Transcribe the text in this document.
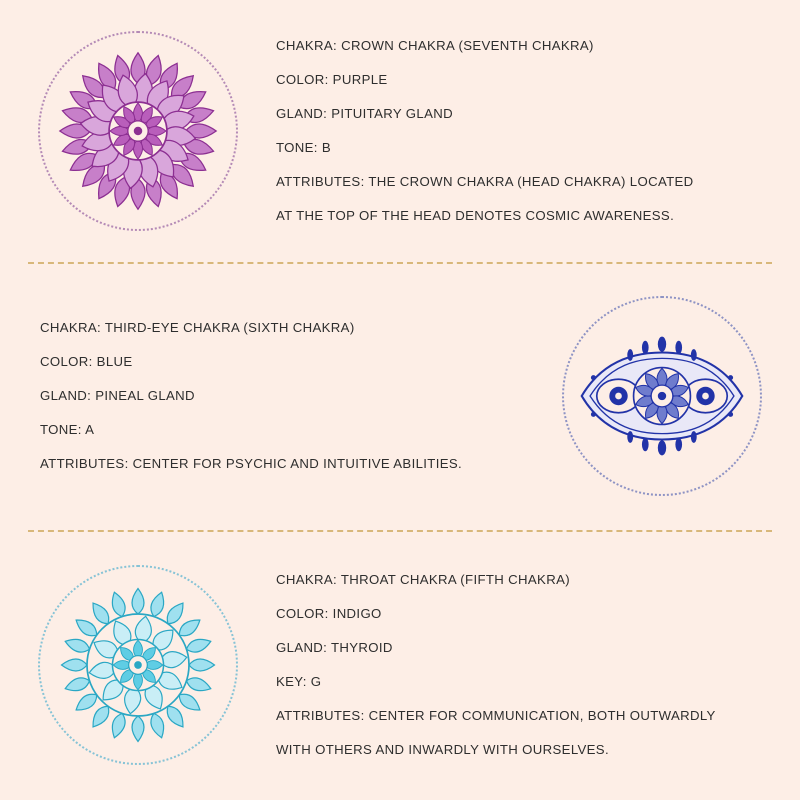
CHAKRA: CROWN CHAKRA (SEVENTH CHAKRA)
COLOR: PURPLE
GLAND: PITUITARY GLAND
TONE: B
ATTRIBUTES: THE CROWN CHAKRA (HEAD CHAKRA) LOCATED
AT THE TOP OF THE HEAD DENOTES COSMIC AWARENESS.
CHAKRA: THIRD-EYE CHAKRA (SIXTH CHAKRA)
COLOR: BLUE
GLAND: PINEAL GLAND
TONE: A
ATTRIBUTES: CENTER FOR PSYCHIC AND INTUITIVE ABILITIES.
CHAKRA: THROAT CHAKRA (FIFTH CHAKRA)
COLOR: INDIGO
GLAND: THYROID
KEY: G
ATTRIBUTES: CENTER FOR COMMUNICATION, BOTH OUTWARDLY
WITH OTHERS AND INWARDLY WITH OURSELVES.
